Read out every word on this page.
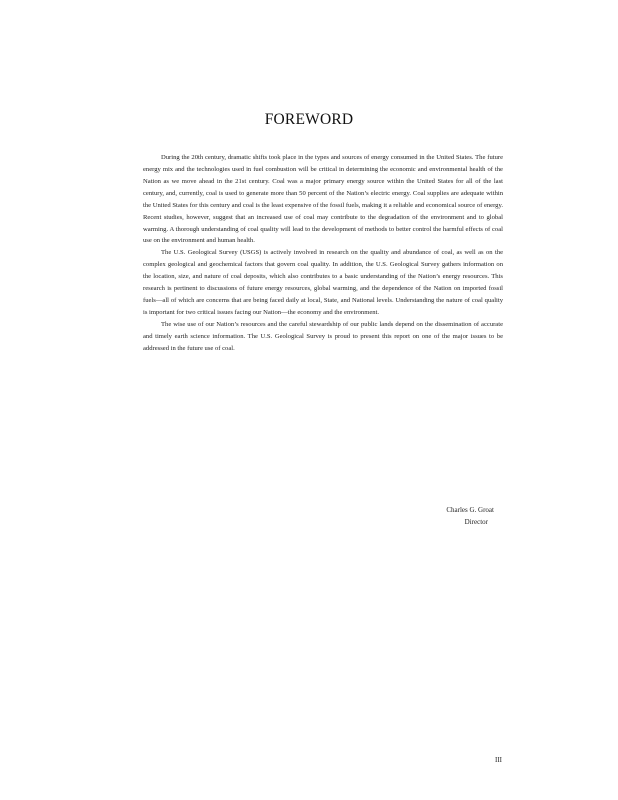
FOREWORD

During the 20th century, dramatic shifts took place in the types and sources of energy consumed in the United States. The future energy mix and the technologies used in fuel combustion will be critical in determining the economic and environmental health of the Nation as we move ahead in the 21st century. Coal was a major primary energy source within the United States for all of the last century, and, currently, coal is used to generate more than 50 percent of the Nation’s electric energy. Coal supplies are adequate within the United States for this century and coal is the least expensive of the fossil fuels, making it a reliable and economical source of energy. Recent studies, however, suggest that an increased use of coal may contribute to the degradation of the environment and to global warming. A thorough understanding of coal quality will lead to the development of methods to better control the harmful effects of coal use on the environment and human health.

The U.S. Geological Survey (USGS) is actively involved in research on the quality and abundance of coal, as well as on the complex geological and geochemical factors that govern coal quality. In addition, the U.S. Geological Survey gathers information on the location, size, and nature of coal deposits, which also contributes to a basic understanding of the Nation’s energy resources. This research is pertinent to discussions of future energy resources, global warming, and the dependence of the Nation on imported fossil fuels—all of which are concerns that are being faced daily at local, State, and National levels. Understanding the nature of coal quality is important for two critical issues facing our Nation—the economy and the environment.

The wise use of our Nation’s resources and the careful stewardship of our public lands depend on the dissemination of accurate and timely earth science information. The U.S. Geological Survey is proud to present this report on one of the major issues to be addressed in the future use of coal.

Charles G. Groat
Director
III
